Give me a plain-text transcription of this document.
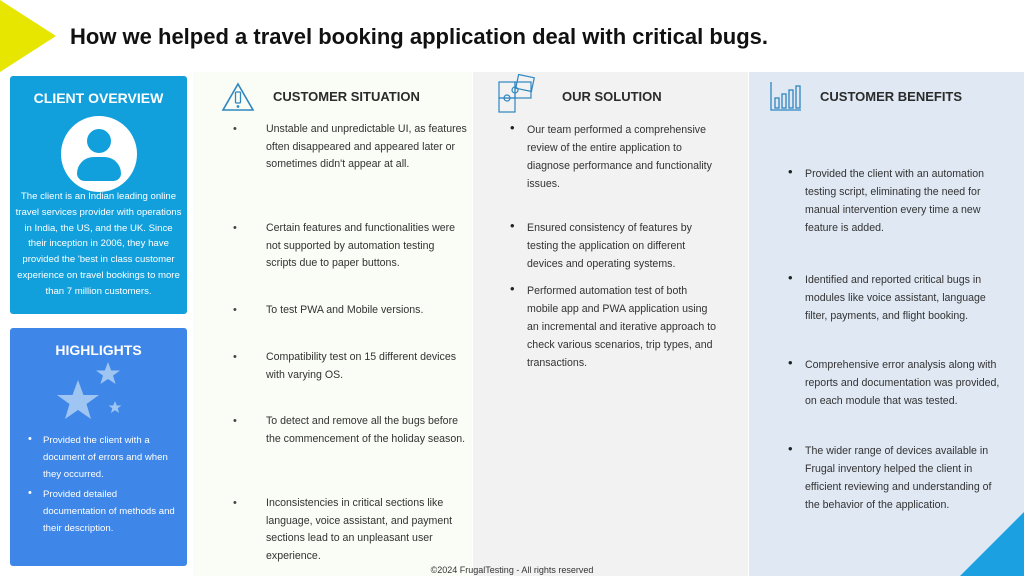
How we helped a travel booking application deal with critical bugs.
CLIENT OVERVIEW

The client is an Indian leading online travel services provider with operations in India, the US, and the UK. Since their inception in 2006, they have provided the 'best in class customer experience on travel bookings to more than 7 million customers.

HIGHLIGHTS
• Provided the client with a document of errors and when they occurred.
• Provided detailed documentation of methods and their description.
CUSTOMER SITUATION
• Unstable and unpredictable UI, as features often disappeared and appeared later or sometimes didn't appear at all.
• Certain features and functionalities were not supported by automation testing scripts due to paper buttons.
• To test PWA and Mobile versions.
• Compatibility test on 15 different devices with varying OS.
• To detect and remove all the bugs before the commencement of the holiday season.
• Inconsistencies in critical sections like language, voice assistant, and payment sections lead to an unpleasant user experience.
OUR SOLUTION
• Our team performed a comprehensive review of the entire application to diagnose performance and functionality issues.
• Ensured consistency of features by testing the application on different devices and operating systems.
• Performed automation test of both mobile app and PWA application using an incremental and iterative approach to check various scenarios, trip types, and transactions.
CUSTOMER BENEFITS
• Provided the client with an automation testing script, eliminating the need for manual intervention every time a new feature is added.
• Identified and reported critical bugs in modules like voice assistant, language filter, payments, and flight booking.
• Comprehensive error analysis along with reports and documentation was provided, on each module that was tested.
• The wider range of devices available in Frugal inventory helped the client in efficient reviewing and understanding of the behavior of the application.
©2024 FrugalTesting - All rights reserved
